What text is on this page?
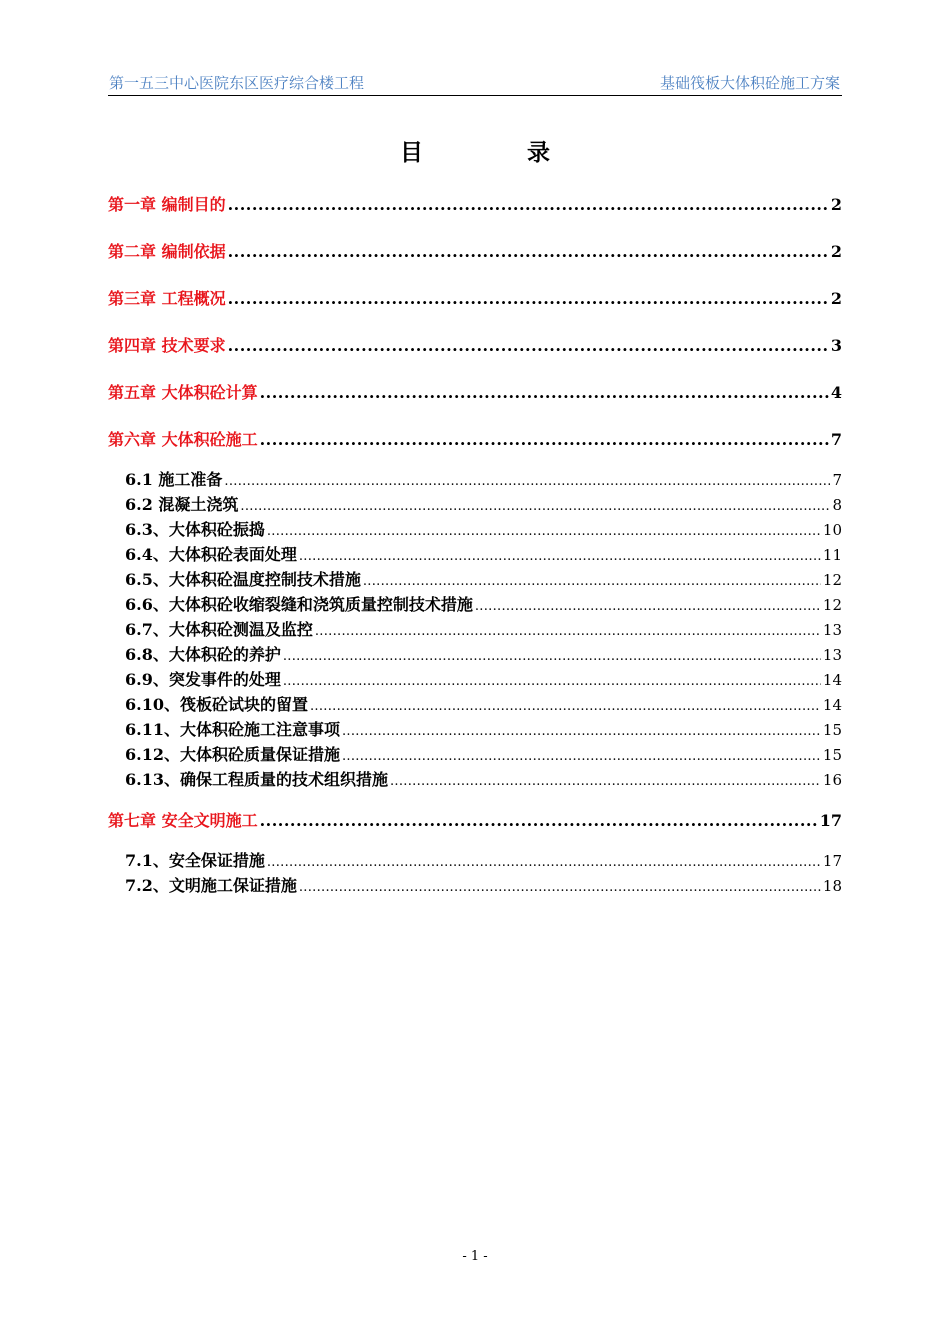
第一五三中心医院东区医疗综合楼工程	基础筏板大体积砼施工方案
目	录
第一章 编制目的 .....	2
第二章 编制依据 .....	2
第三章 工程概况 .....	2
第四章 技术要求 .....	3
第五章 大体积砼计算 .....	4
第六章 大体积砼施工 .....	7
6.1 施工准备 .....	7
6.2 混凝土浇筑 .....	8
6.3、大体积砼振捣 .....	10
6.4、大体积砼表面处理 .....	11
6.5、大体积砼温度控制技术措施 .....	12
6.6、大体积砼收缩裂缝和浇筑质量控制技术措施 .....	12
6.7、大体积砼测温及监控 .....	13
6.8、大体积砼的养护 .....	13
6.9、突发事件的处理 .....	14
6.10、筏板砼试块的留置 .....	14
6.11、大体积砼施工注意事项 .....	15
6.12、大体积砼质量保证措施 .....	15
6.13、确保工程质量的技术组织措施 .....	16
第七章 安全文明施工 .....	17
7.1、安全保证措施 .....	17
7.2、文明施工保证措施 .....	18
- 1 -
